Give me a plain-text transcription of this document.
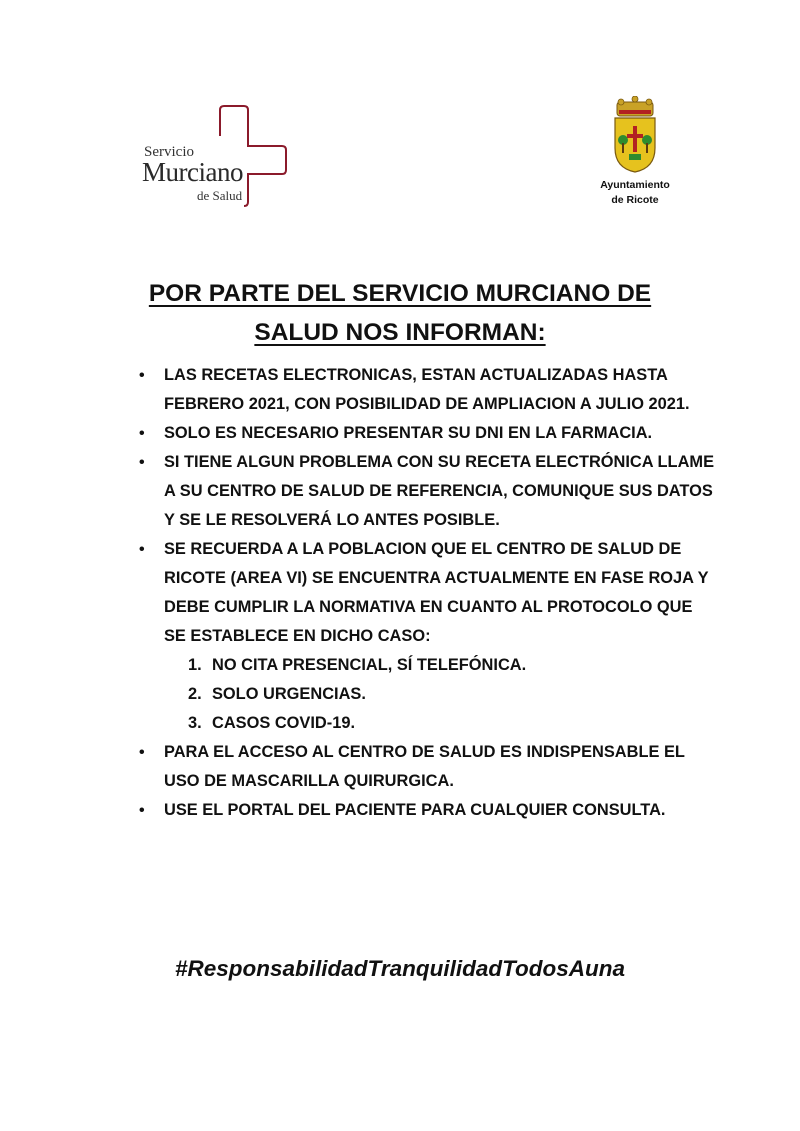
Servicio
Murciano
de Salud
Ayuntamiento
de Ricote
POR PARTE DEL SERVICIO MURCIANO DE
SALUD NOS INFORMAN:
• LAS RECETAS ELECTRONICAS, ESTAN ACTUALIZADAS HASTA FEBRERO 2021, CON POSIBILIDAD DE AMPLIACION A JULIO 2021.
• SOLO ES NECESARIO PRESENTAR SU DNI EN LA FARMACIA.
• SI TIENE ALGUN PROBLEMA CON SU RECETA ELECTRÓNICA LLAME A SU CENTRO DE SALUD DE REFERENCIA, COMUNIQUE SUS DATOS Y SE LE RESOLVERÁ LO ANTES POSIBLE.
• SE RECUERDA A LA POBLACION QUE EL CENTRO DE SALUD DE RICOTE (AREA VI) SE ENCUENTRA ACTUALMENTE EN FASE ROJA Y DEBE CUMPLIR LA NORMATIVA EN CUANTO AL PROTOCOLO QUE SE ESTABLECE EN DICHO CASO:
1. NO CITA PRESENCIAL, SÍ TELEFÓNICA.
2. SOLO URGENCIAS.
3. CASOS COVID-19.
• PARA EL ACCESO AL CENTRO DE SALUD ES INDISPENSABLE EL USO DE MASCARILLA QUIRURGICA.
• USE EL PORTAL DEL PACIENTE PARA CUALQUIER CONSULTA.
#ResponsabilidadTranquilidadTodosAuna
